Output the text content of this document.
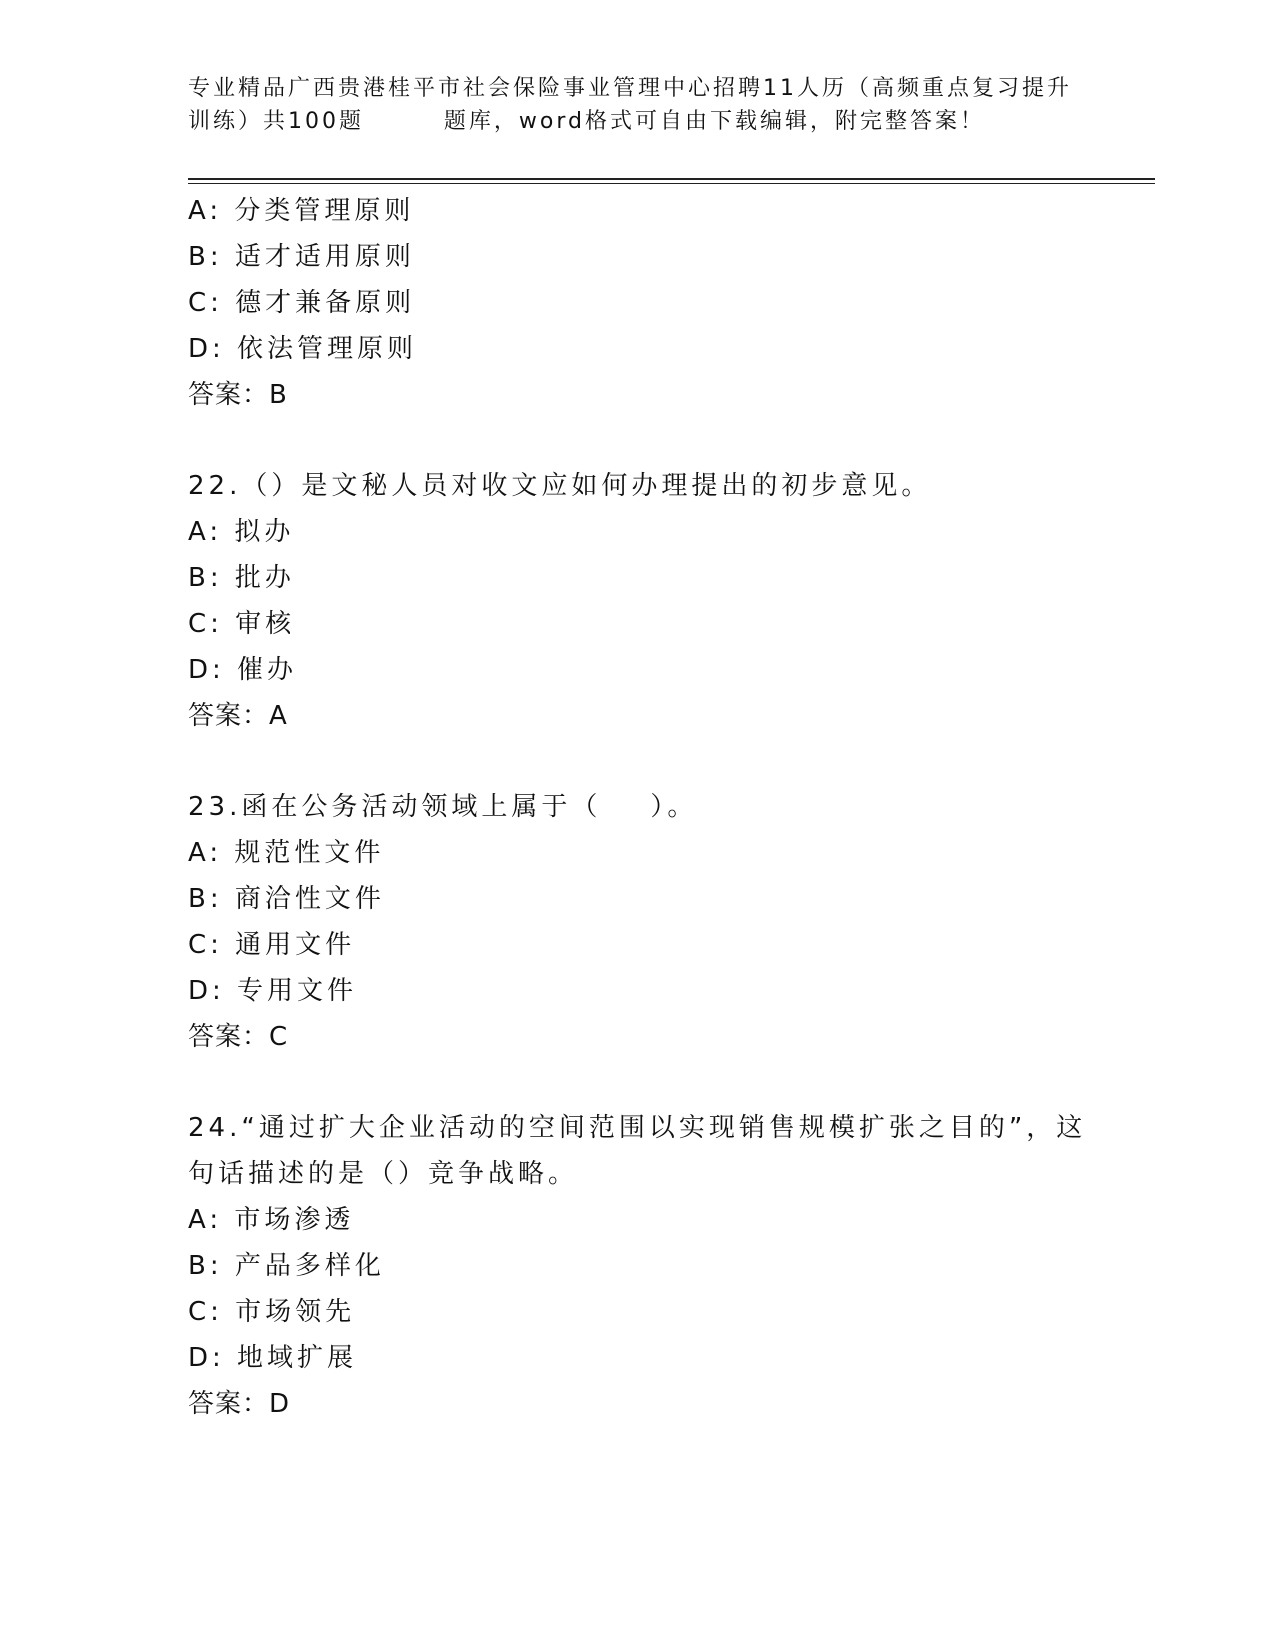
专业精品广西贵港桂平市社会保险事业管理中心招聘11人历（高频重点复习提升
训练）共100题        题库，word格式可自由下载编辑，附完整答案！
A: 分类管理原则
B: 适才适用原则
C: 德才兼备原则
D: 依法管理原则
答案：B
22.（）是文秘人员对收文应如何办理提出的初步意见。
A: 拟办
B: 批办
C: 审核
D: 催办
答案：A
23.函在公务活动领域上属于（    ）。
A: 规范性文件
B: 商洽性文件
C: 通用文件
D: 专用文件
答案：C
24.“通过扩大企业活动的空间范围以实现销售规模扩张之目的”，这
句话描述的是（）竞争战略。
A: 市场渗透
B: 产品多样化
C: 市场领先
D: 地域扩展
答案：D
